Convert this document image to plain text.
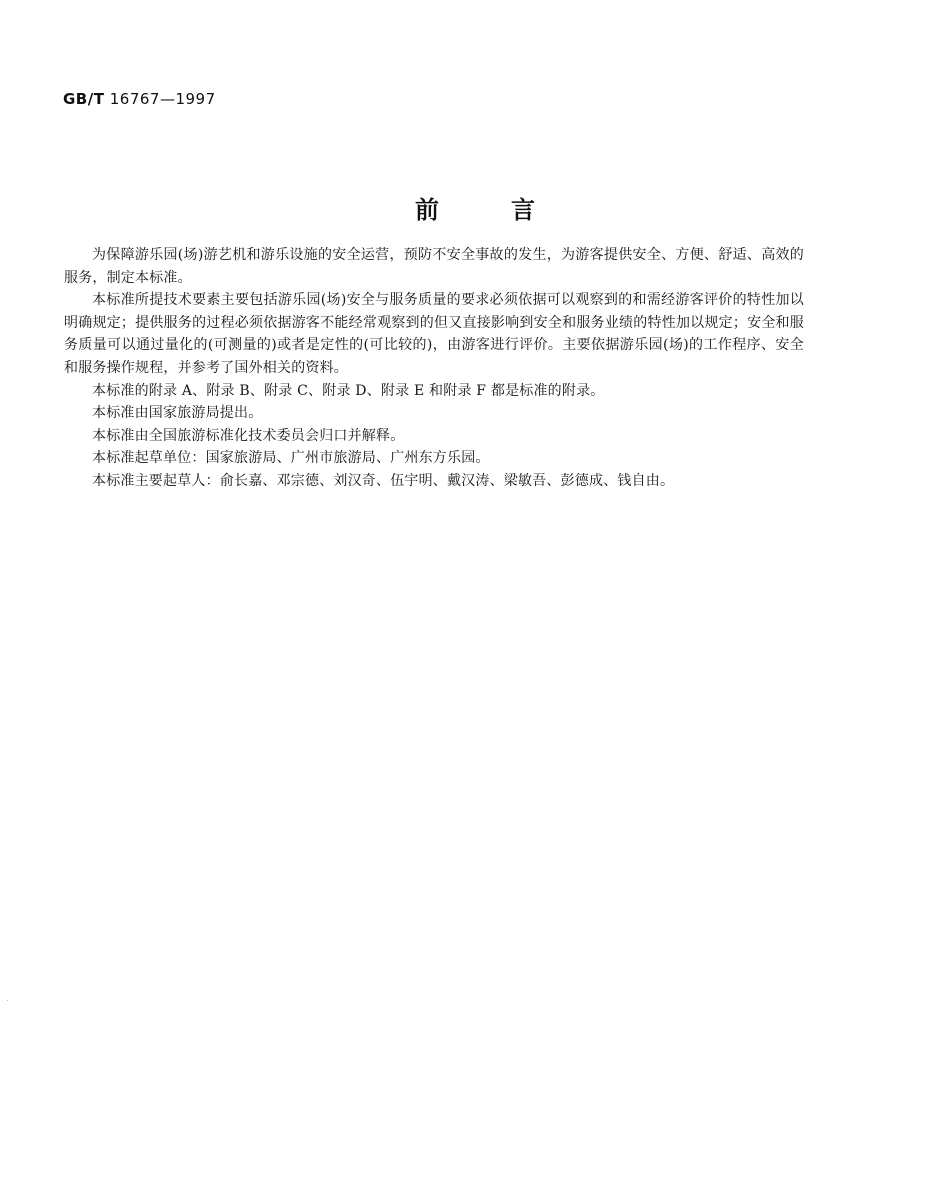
GB/T 16767—1997
前	言

为保障游乐园(场)游艺机和游乐设施的安全运营，预防不安全事故的发生，为游客提供安全、方便、舒适、高效的服务，制定本标准。

本标准所提技术要素主要包括游乐园(场)安全与服务质量的要求必须依据可以观察到的和需经游客评价的特性加以明确规定；提供服务的过程必须依据游客不能经常观察到的但又直接影响到安全和服务业绩的特性加以规定；安全和服务质量可以通过量化的(可测量的)或者是定性的(可比较的)，由游客进行评价。主要依据游乐园(场)的工作程序、安全和服务操作规程，并参考了国外相关的资料。

本标准的附录 A、附录 B、附录 C、附录 D、附录 E 和附录 F 都是标准的附录。

本标准由国家旅游局提出。

本标准由全国旅游标准化技术委员会归口并解释。

本标准起草单位：国家旅游局、广州市旅游局、广州东方乐园。

本标准主要起草人：俞长嘉、邓宗德、刘汉奇、伍宇明、戴汉涛、梁敏吾、彭德成、钱自由。
